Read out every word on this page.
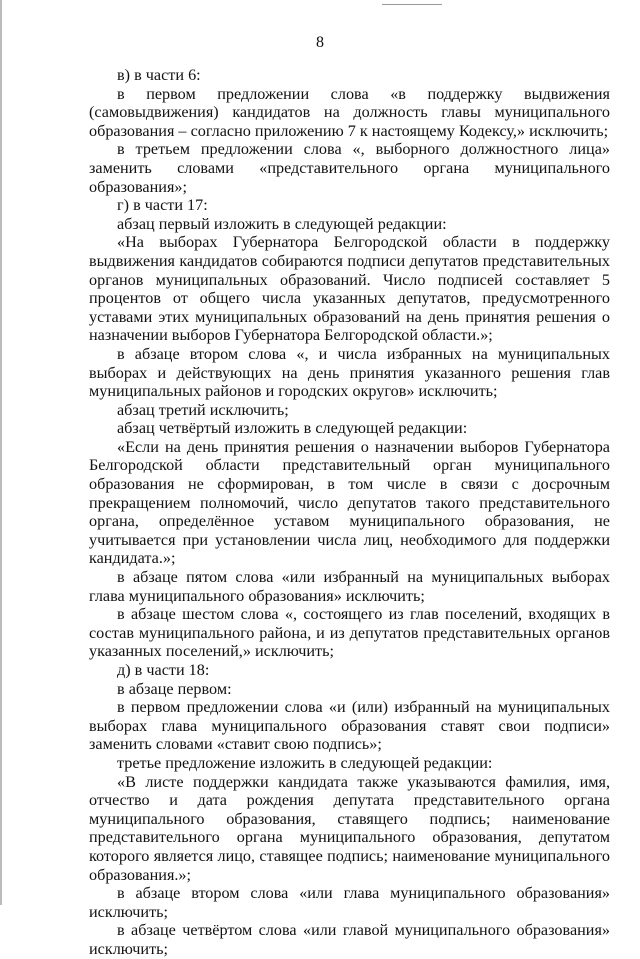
8

в) в части 6:

в первом предложении слова «в поддержку выдвижения (самовыдвижения) кандидатов на должность главы муниципального образования – согласно приложению 7 к настоящему Кодексу,» исключить;

в третьем предложении слова «, выборного должностного лица» заменить словами «представительного органа муниципального образования»;

г) в части 17:

абзац первый изложить в следующей редакции:

«На выборах Губернатора Белгородской области в поддержку выдвижения кандидатов собираются подписи депутатов представительных органов муниципальных образований. Число подписей составляет 5 процентов от общего числа указанных депутатов, предусмотренного уставами этих муниципальных образований на день принятия решения о назначении выборов Губернатора Белгородской области.»;

в абзаце втором слова «, и числа избранных на муниципальных выборах и действующих на день принятия указанного решения глав муниципальных районов и городских округов» исключить;

абзац третий исключить;

абзац четвёртый изложить в следующей редакции:

«Если на день принятия решения о назначении выборов Губернатора Белгородской области представительный орган муниципального образования не сформирован, в том числе в связи с досрочным прекращением полномочий, число депутатов такого представительного органа, определённое уставом муниципального образования, не учитывается при установлении числа лиц, необходимого для поддержки кандидата.»;

в абзаце пятом слова «или избранный на муниципальных выборах глава муниципального образования» исключить;

в абзаце шестом слова «, состоящего из глав поселений, входящих в состав муниципального района, и из депутатов представительных органов указанных поселений,» исключить;

д) в части 18:

в абзаце первом:

в первом предложении слова «и (или) избранный на муниципальных выборах глава муниципального образования ставят свои подписи» заменить словами «ставит свою подпись»;

третье предложение изложить в следующей редакции:

«В листе поддержки кандидата также указываются фамилия, имя, отчество и дата рождения депутата представительного органа муниципального образования, ставящего подпись; наименование представительного органа муниципального образования, депутатом которого является лицо, ставящее подпись; наименование муниципального образования.»;

в абзаце втором слова «или глава муниципального образования» исключить;

в абзаце четвёртом слова «или главой муниципального образования» исключить;
